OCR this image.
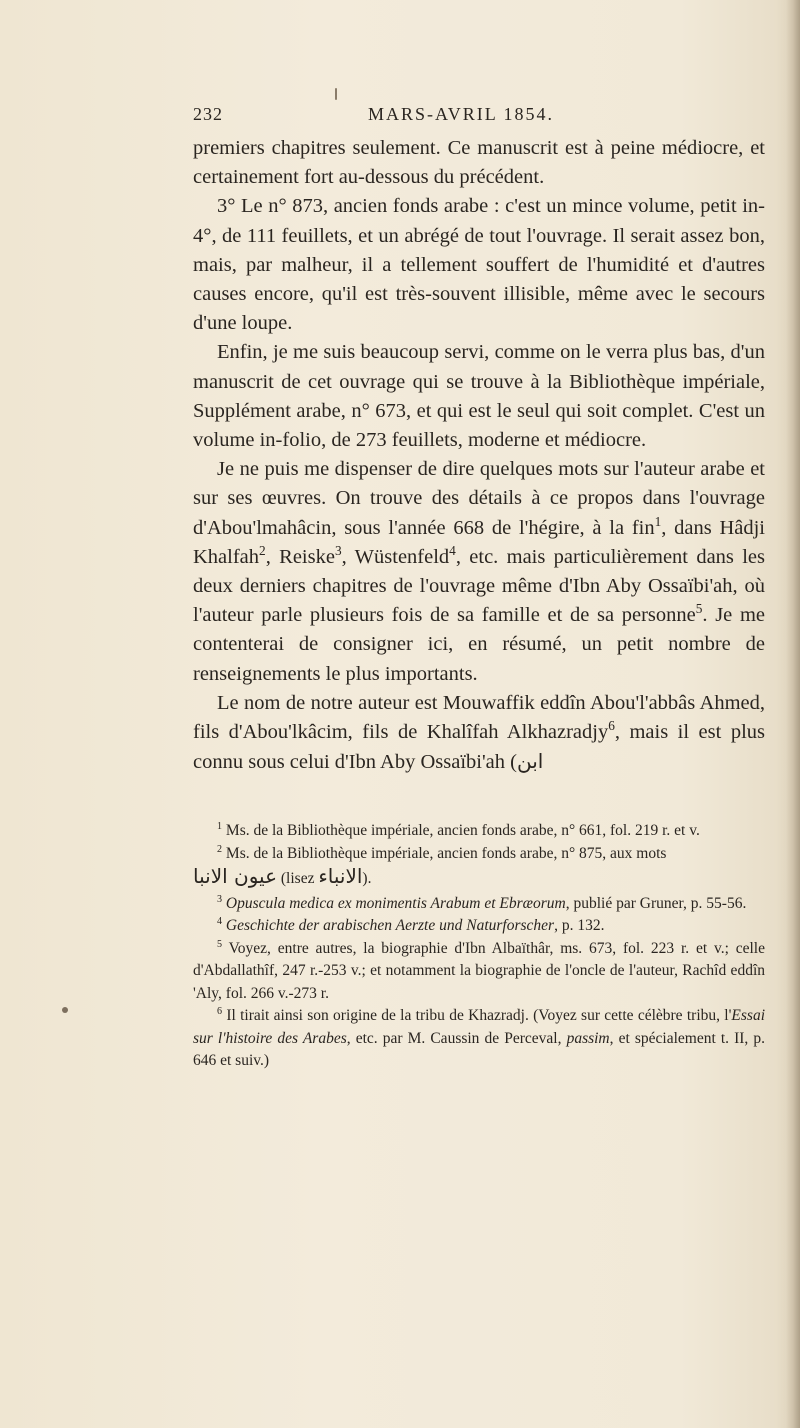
232	MARS-AVRIL 1854.

premiers chapitres seulement. Ce manuscrit est à peine médiocre, et certainement fort au-dessous du précédent.

3° Le n° 873, ancien fonds arabe : c'est un mince volume, petit in-4°, de 111 feuillets, et un abrégé de tout l'ouvrage. Il serait assez bon, mais, par malheur, il a tellement souffert de l'humidité et d'autres causes encore, qu'il est très-souvent illisible, même avec le secours d'une loupe.

Enfin, je me suis beaucoup servi, comme on le verra plus bas, d'un manuscrit de cet ouvrage qui se trouve à la Bibliothèque impériale, Supplément arabe, n° 673, et qui est le seul qui soit complet. C'est un volume in-folio, de 273 feuillets, moderne et médiocre.

Je ne puis me dispenser de dire quelques mots sur l'auteur arabe et sur ses œuvres. On trouve des détails à ce propos dans l'ouvrage d'Abou'lmahâcin, sous l'année 668 de l'hégire, à la fin$^1$, dans Hâdji Khalfah$^2$, Reiske$^3$, Wüstenfeld$^4$, etc. mais particulièrement dans les deux derniers chapitres de l'ouvrage même d'Ibn Aby Ossaïbi'ah, où l'auteur parle plusieurs fois de sa famille et de sa personne$^5$. Je me contenterai de consigner ici, en résumé, un petit nombre de renseignements le plus importants.

Le nom de notre auteur est Mouwaffik eddîn Abou'l'abbâs Ahmed, fils d'Abou'lkâcim, fils de Khalîfah Alkhazradjy$^6$, mais il est plus connu sous celui d'Ibn Aby Ossaïbi'ah (ابن

$^1$ Ms. de la Bibliothèque impériale, ancien fonds arabe, n° 661, fol. 219 r. et v.

$^2$ Ms. de la Bibliothèque impériale, ancien fonds arabe, n° 875, aux mots

عيون الانبا (lisez الانباء).

$^3$ Opuscula medica ex monimentis Arabum et Ebræorum, publié par Gruner, p. 55-56.

$^4$ Geschichte der arabischen Aerzte und Naturforscher, p. 132.

$^5$ Voyez, entre autres, la biographie d'Ibn Albaïthâr, ms. 673, fol. 223 r. et v.; celle d'Abdallathîf, 247 r.-253 v.; et notamment la biographie de l'oncle de l'auteur, Rachîd eddîn 'Aly, fol. 266 v.-273 r.

$^6$ Il tirait ainsi son origine de la tribu de Khazradj. (Voyez sur cette célèbre tribu, l'Essai sur l'histoire des Arabes, etc. par M. Caussin de Perceval, passim, et spécialement t. II, p. 646 et suiv.)
